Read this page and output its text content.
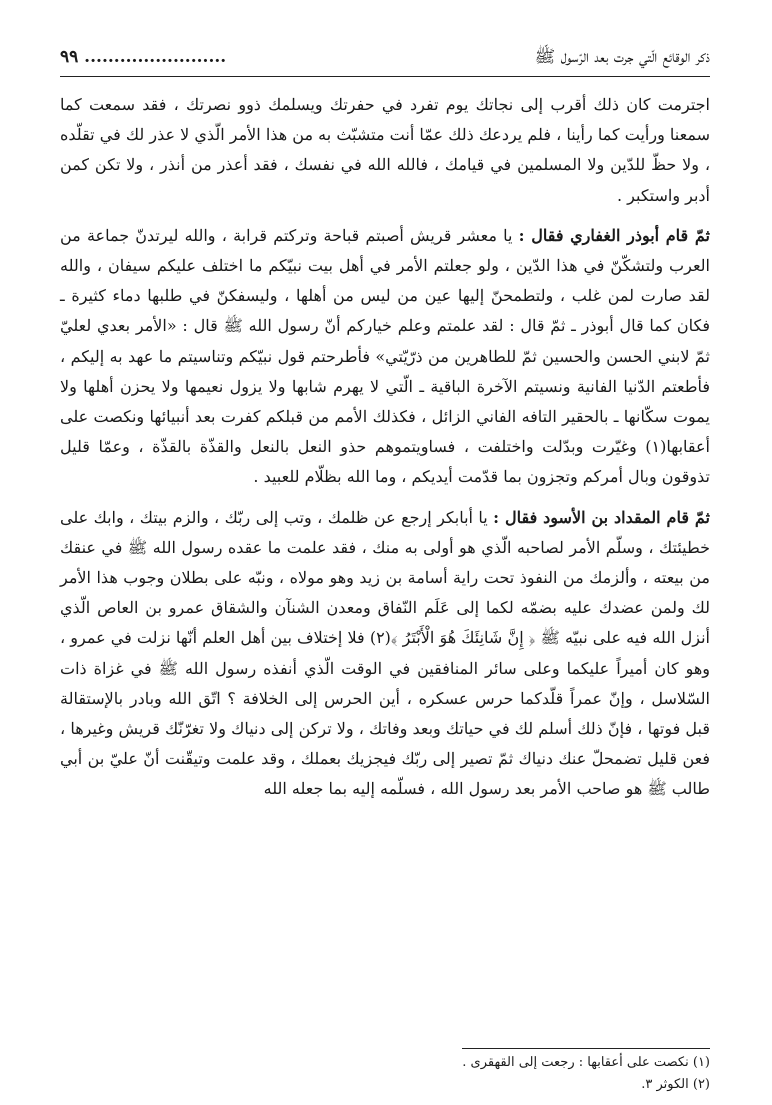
ذكر الوقائع الّتي جرت بعد الرّسول ﷺ
........................ ٩٩

اجترمت كان ذلك أقرب إلى نجاتك يوم تفرد في حفرتك ويسلمك ذوو نصرتك ، فقد سمعت كما سمعنا ورأيت كما رأينا ، فلم يردعك ذلك عمّا أنت متشبّث به من هذا الأمر الّذي لا عذر لك في تقلّده ، ولا حظّ للدّين ولا المسلمين في قيامك ، فالله الله في نفسك ، فقد أعذر من أنذر ، ولا تكن كمن أدبر واستكبر .

ثمّ قام أبوذر الغفاري فقال : يا معشر قريش أصبتم قباحة وتركتم قرابة ، والله ليرتدنّ جماعة من العرب ولتشكّنّ في هذا الدّين ، ولو جعلتم الأمر في أهل بيت نبيّكم ما اختلف عليكم سيفان ، والله لقد صارت لمن غلب ، ولتطمحنّ إليها عين من ليس من أهلها ، وليسفكنّ في طلبها دماء كثيرة ـ فكان كما قال أبوذر ـ ثمّ قال : لقد علمتم وعلم خياركم أنّ رسول الله ﷺ قال : «الأمر بعدي لعليّ ثمّ لابني الحسن والحسين ثمّ للطاهرين من ذرّيّتي» فأطرحتم قول نبيّكم وتناسيتم ما عهد به إليكم ، فأطعتم الدّنيا الفانية ونسيتم الآخرة الباقية ـ الّتي لا يهرم شابها ولا يزول نعيمها ولا يحزن أهلها ولا يموت سكّانها ـ بالحقير التافه الفاني الزائل ، فكذلك الأمم من قبلكم كفرت بعد أنبيائها ونكصت على أعقابها(١) وغيّرت وبدّلت واختلفت ، فساويتموهم حذو النعل بالنعل والقذّة بالقذّة ، وعمّا قليل تذوقون وبال أمركم وتجزون بما قدّمت أيديكم ، وما الله بظلّام للعبيد .

ثمّ قام المقداد بن الأسود فقال : يا أبابكر إرجع عن ظلمك ، وتب إلى ربّك ، والزم بيتك ، وابك على خطيئتك ، وسلّم الأمر لصاحبه الّذي هو أولى به منك ، فقد علمت ما عقده رسول الله ﷺ في عنقك من بيعته ، وألزمك من النفوذ تحت راية أسامة بن زيد وهو مولاه ، ونبّه على بطلان وجوب هذا الأمر لك ولمن عضدك عليه بضمّه لكما إلى عَلَم النّفاق ومعدن الشنآن والشقاق عمرو بن العاص الّذي أنزل الله فيه على نبيّه ﷺ ﴿ إِنَّ شَانِئَكَ هُوَ الْأَبْتَرُ ﴾(٢) فلا إختلاف بين أهل العلم أنّها نزلت في عمرو ، وهو كان أميراً عليكما وعلى سائر المنافقين في الوقت الّذي أنفذه رسول الله ﷺ في غزاة ذات السّلاسل ، وإنّ عمراً قلّدكما حرس عسكره ، أين الحرس إلى الخلافة ؟ اتّق الله وبادر بالإستقالة قبل فوتها ، فإنّ ذلك أسلم لك في حياتك وبعد وفاتك ، ولا تركن إلى دنياك ولا تغرّنّك قريش وغيرها ، فعن قليل تضمحلّ عنك دنياك ثمّ تصير إلى ربّك فيجزيك بعملك ، وقد علمت وتيقّنت أنّ عليّ بن أبي طالب ﷺ هو صاحب الأمر بعد رسول الله ، فسلّمه إليه بما جعله الله

(١) نكصت على أعقابها : رجعت إلى القهقرى .
(٢) الكوثر ٣.
